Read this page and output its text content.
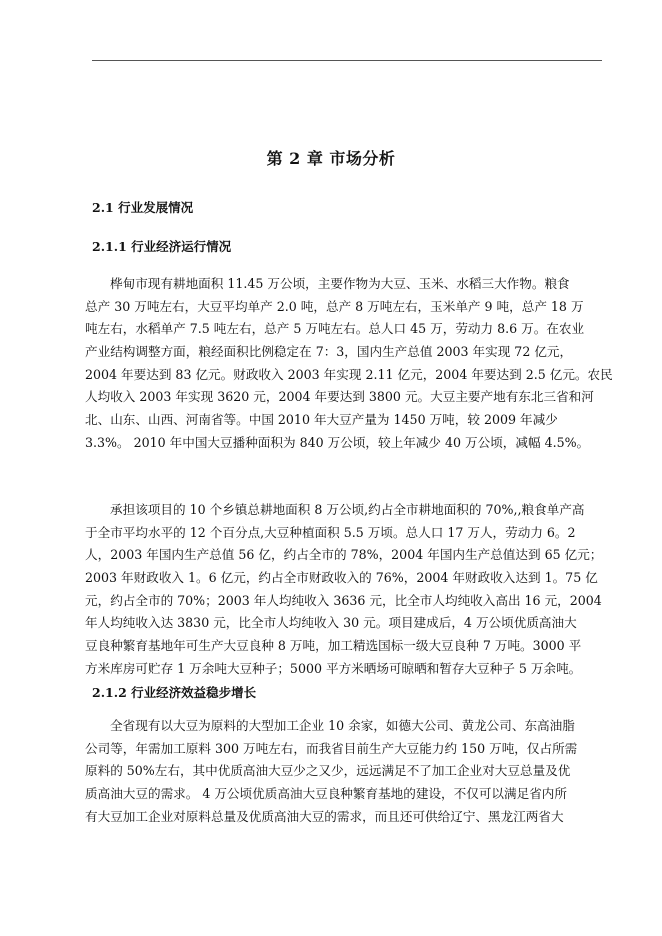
第 2 章 市场分析
2.1 行业发展情况
2.1.1 行业经济运行情况

桦甸市现有耕地面积 11.45 万公顷，主要作物为大豆、玉米、水稻三大作物。粮食
总产 30 万吨左右，大豆平均单产 2.0 吨，总产 8 万吨左右，玉米单产 9 吨，总产 18 万
吨左右，水稻单产 7.5 吨左右，总产 5 万吨左右。总人口 45 万，劳动力 8.6 万。在农业
产业结构调整方面，粮经面积比例稳定在 7：3，国内生产总值 2003 年实现 72 亿元，
2004 年要达到 83 亿元。财政收入 2003 年实现 2.11 亿元，2004 年要达到 2.5 亿元。农民
人均收入 2003 年实现 3620 元，2004 年要达到 3800 元。大豆主要产地有东北三省和河
北、山东、山西、河南省等。中国 2010 年大豆产量为 1450 万吨，较 2009 年减少
3.3%。 2010 年中国大豆播种面积为 840 万公顷，较上年减少 40 万公顷，减幅 4.5%。

承担该项目的 10 个乡镇总耕地面积 8 万公顷,约占全市耕地面积的 70%,,粮食单产高
于全市平均水平的 12 个百分点,大豆种植面积 5.5 万顷。总人口 17 万人，劳动力 6。2
人，2003 年国内生产总值 56 亿，约占全市的 78%，2004 年国内生产总值达到 65 亿元；
2003 年财政收入 1。6 亿元，约占全市财政收入的 76%，2004 年财政收入达到 1。75 亿
元，约占全市的 70%；2003 年人均纯收入 3636 元，比全市人均纯收入高出 16 元，2004
年人均纯收入达 3830 元，比全市人均纯收入 30 元。项目建成后，4 万公顷优质高油大
豆良种繁育基地年可生产大豆良种 8 万吨，加工精选国标一级大豆良种 7 万吨。3000 平
方米库房可贮存 1 万余吨大豆种子；5000 平方米晒场可晾晒和暂存大豆种子 5 万余吨。

2.1.2 行业经济效益稳步增长

全省现有以大豆为原料的大型加工企业 10 余家，如德大公司、黄龙公司、东高油脂
公司等，年需加工原料 300 万吨左右，而我省目前生产大豆能力约 150 万吨，仅占所需
原料的 50%左右，其中优质高油大豆少之又少，远远满足不了加工企业对大豆总量及优
质高油大豆的需求。 4 万公顷优质高油大豆良种繁育基地的建设，不仅可以满足省内所
有大豆加工企业对原料总量及优质高油大豆的需求，而且还可供给辽宁、黑龙江两省大
